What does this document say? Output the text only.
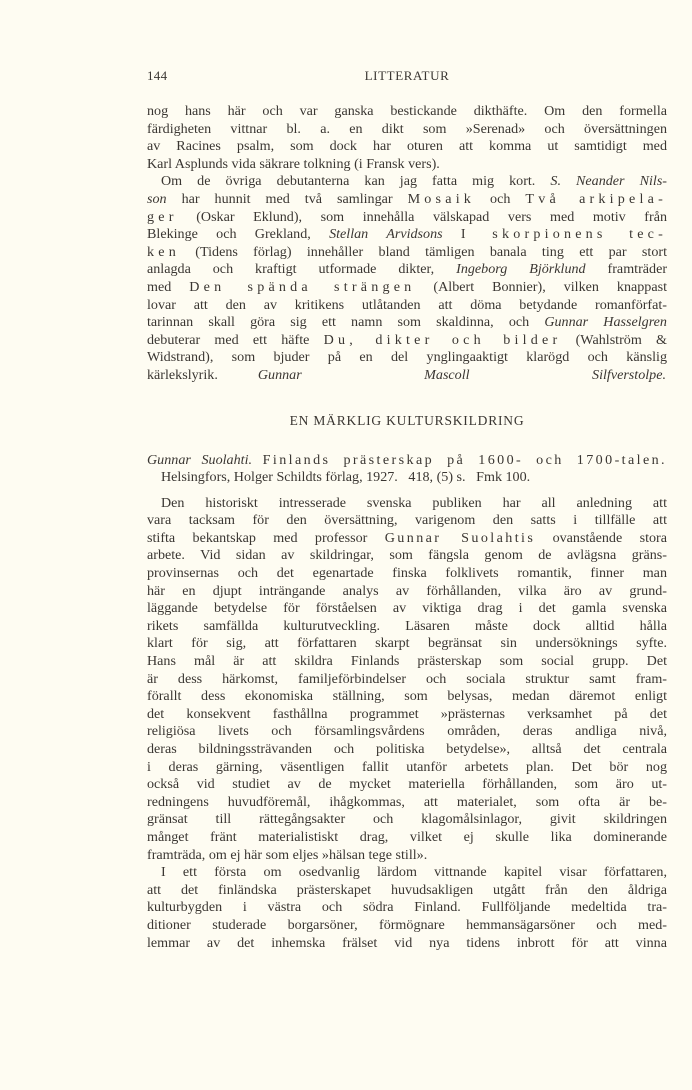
144	LITTERATUR
nog hans här och var ganska bestickande dikthäfte. Om den formella
färdigheten vittnar bl. a. en dikt som »Serenad» och översättningen
av Racines psalm, som dock har oturen att komma ut samtidigt med
Karl Asplunds vida säkrare tolkning (i Fransk vers).
Om de övriga debutanterna kan jag fatta mig kort. S. Neander Nils-
son har hunnit med två samlingar Mosaik och Två arkipela-
ger (Oskar Eklund), som innehålla välskapad vers med motiv från
Blekinge och Grekland, Stellan Arvidsons I skorpionens tec-
ken (Tidens förlag) innehåller bland tämligen banala ting ett par stort
anlagda och kraftigt utformade dikter, Ingeborg Björklund framträder
med Den spända strängen (Albert Bonnier), vilken knappast
lovar att den av kritikens utlåtanden att döma betydande romanförfat-
tarinnan skall göra sig ett namn som skaldinna, och Gunnar Hasselgren
debuterar med ett häfte Du, dikter och bilder (Wahlström &
Widstrand), som bjuder på en del ynglingaaktigt klarögd och känslig
kärlekslyrik.	Gunnar Mascoll Silfverstolpe.
EN MÄRKLIG KULTURSKILDRING
Gunnar Suolahti. Finlands prästerskap på 1600- och 1700-talen.
Helsingfors, Holger Schildts förlag, 1927. 418, (5) s. Fmk 100.
Den historiskt intresserade svenska publiken har all anledning att
vara tacksam för den översättning, varigenom den satts i tillfälle att
stifta bekantskap med professor Gunnar Suolahtis ovanstående stora
arbete. Vid sidan av skildringar, som fängsla genom de avlägsna gräns-
provinsernas och det egenartade finska folklivets romantik, finner man
här en djupt inträngande analys av förhållanden, vilka äro av grund-
läggande betydelse för förståelsen av viktiga drag i det gamla svenska
rikets samfällda kulturutveckling. Läsaren måste dock alltid hålla
klart för sig, att författaren skarpt begränsat sin undersöknings syfte.
Hans mål är att skildra Finlands prästerskap som social grupp. Det
är dess härkomst, familjeförbindelser och sociala struktur samt fram-
förallt dess ekonomiska ställning, som belysas, medan däremot enligt
det konsekvent fasthållna programmet »prästernas verksamhet på det
religiösa livets och församlingsvårdens områden, deras andliga nivå,
deras bildningssträvanden och politiska betydelse», alltså det centrala
i deras gärning, väsentligen fallit utanför arbetets plan. Det bör nog
också vid studiet av de mycket materiella förhållanden, som äro ut-
redningens huvudföremål, ihågkommas, att materialet, som ofta är be-
gränsat till rättegångsakter och klagomålsinlagor, givit skildringen
månget fränt materialistiskt drag, vilket ej skulle lika dominerande
framträda, om ej här som eljes »hälsan tege still».
I ett första om osedvanlig lärdom vittnande kapitel visar författaren,
att det finländska prästerskapet huvudsakligen utgått från den åldriga
kulturbygden i västra och södra Finland. Fullföljande medeltida tra-
ditioner studerade borgarsöner, förmögnare hemmansägarsöner och med-
lemmar av det inhemska frälset vid nya tidens inbrott för att vinna
